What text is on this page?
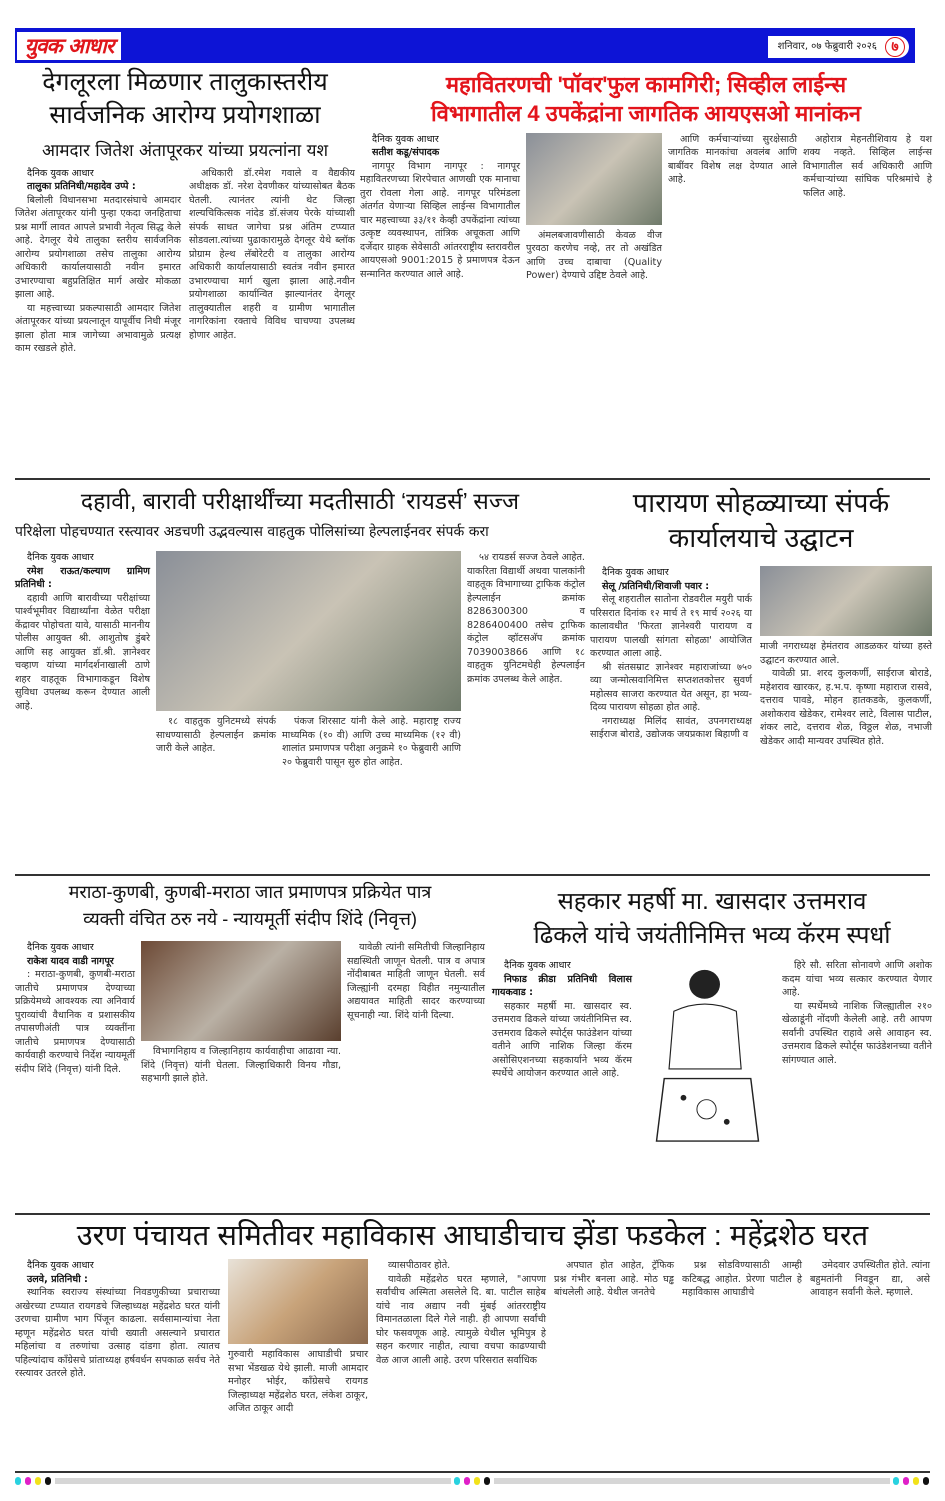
युवक आधार	शनिवार, ०७ फेब्रुवारी २०२६	७
देगलूरला मिळणार तालुकास्तरीय
सार्वजनिक आरोग्य प्रयोगशाळा
आमदार जितेश अंतापूरकर यांच्या प्रयत्नांना यश

दैनिक युवक आधार

तालुका प्रतिनिधी/महादेव उप्पे :

बिलोली विधानसभा मतदारसंघाचे आमदार जितेश अंतापूरकर यांनी पुन्हा एकदा जनहिताचा प्रश्न मार्गी लावत आपले प्रभावी नेतृत्व सिद्ध केले आहे. देगलूर येथे तालुका स्तरीय सार्वजनिक आरोग्य प्रयोगशाळा तसेच तालुका आरोग्य अधिकारी कार्यालयासाठी नवीन इमारत उभारण्याचा बहुप्रतिक्षित मार्ग अखेर मोकळा झाला आहे.

या महत्त्वाच्या प्रकल्पासाठी आमदार जितेश अंतापूरकर यांच्या प्रयत्नातून यापूर्वीच निधी मंजूर झाला होता मात्र जागेच्या अभावामुळे प्रत्यक्ष काम रखडले होते.

अधिकारी डॉ.रमेश गवाले व वैद्यकीय अधीक्षक डॉ. नरेश देवणीकर यांच्यासोबत बैठक घेतली. त्यानंतर त्यांनी थेट जिल्हा शल्यचिकित्सक नांदेड डॉ.संजय पेरके यांच्याशी संपर्क साधत जागेचा प्रश्न अंतिम टप्प्यात सोडवला.त्यांच्या पुढाकारामुळे देगलूर येथे ब्लॉक प्रोग्राम हेल्थ लॅबोरेटरी व तालुका आरोग्य अधिकारी कार्यालयासाठी स्वतंत्र नवीन इमारत उभारण्याचा मार्ग खुला झाला आहे.नवीन प्रयोगशाळा कार्यान्वित झाल्यानंतर देगलूर तालुक्यातील शहरी व ग्रामीण भागातील नागरिकांना रक्ताचे विविध चाचण्या उपलब्ध होणार आहेत.

महावितरणची 'पॉवर'फुल कामगिरी; सिव्हील लाईन्स
विभागातील 4 उपकेंद्रांना जागतिक आयएसओ मानांकन

दैनिक युवक आधार

सतीश कडू/संपादक

नागपूर विभाग नागपूर : नागपूर महावितरणच्या शिरपेचात आणखी एक मानाचा तुरा रोवला गेला आहे. नागपूर परिमंडला अंतर्गत येणाऱ्या सिव्हिल लाईन्स विभागातील चार महत्त्वाच्या ३३/११ केव्ही उपकेंद्रांना त्यांच्या उत्कृष्ट व्यवस्थापन, तांत्रिक अचूकता आणि दर्जेदार ग्राहक सेवेसाठी आंतरराष्ट्रीय स्तरावरील आयएसओ 9001:2015 हे प्रमाणपत्र देऊन सन्मानित करण्यात आले आहे.

अंमलबजावणीसाठी केवळ वीज पुरवठा करणेच नव्हे, तर तो अखंडित आणि उच्च दाबाचा (Quality Power) देण्याचे उद्दिष्ट ठेवले आहे.

आणि कर्मचाऱ्यांच्या सुरक्षेसाठी जागतिक मानकांचा अवलंब आणि बाबींवर विशेष लक्ष देण्यात आले आहे.

अहोरात्र मेहनतीशिवाय हे यश शक्य नव्हते. सिव्हिल लाईन्स विभागातील सर्व अधिकारी आणि कर्मचाऱ्यांच्या सांघिक परिश्रमांचे हे फलित आहे.

दहावी, बारावी परीक्षार्थींच्या मदतीसाठी ‘रायडर्स’ सज्ज
परिक्षेला पोहचण्यात रस्त्यावर अडचणी उद्भवल्यास वाहतुक पोलिसांच्या हेल्पलाईनवर संपर्क करा

दैनिक युवक आधार

रमेश राऊत/कल्याण ग्रामिण प्रतिनिधी :

दहावी आणि बारावीच्या परीक्षांच्या पार्श्वभूमीवर विद्यार्थ्यांना वेळेत परीक्षा केंद्रावर पोहोचता यावे, यासाठी माननीय पोलीस आयुक्त श्री. आशुतोष डुंबरे आणि सह आयुक्त डॉ.श्री. ज्ञानेश्वर चव्हाण यांच्या मार्गदर्शनाखाली ठाणे शहर वाहतूक विभागाकडून विशेष सुविधा उपलब्ध करून देण्यात आली आहे.

१८ वाहतुक युनिटमध्ये संपर्क साधण्यासाठी हेल्पलाईन क्रमांक जारी केले आहेत.

पंकज शिरसाट यांनी केले आहे. महाराष्ट्र राज्य माध्यमिक (१० वी) आणि उच्च माध्यमिक (१२ वी) शालांत प्रमाणपत्र परीक्षा अनुक्रमे १० फेब्रुवारी आणि २० फेब्रुवारी पासून सुरु होत आहेत.

५४ रायडर्स सज्ज ठेवले आहेत. याकरिता विद्यार्थी अथवा पालकांनी वाहतूक विभागाच्या ट्राफिक कंट्रोल हेल्पलाईन क्रमांक 8286300300 व 8286400400 तसेच ट्राफिक कंट्रोल व्हॉटसअ‍ॅप क्रमांक 7039003866 आणि १८ वाहतुक युनिटमधेही हेल्पलाईन क्रमांक उपलब्ध केले आहेत.

पारायण सोहळ्याच्या संपर्क
कार्यालयाचे उद्घाटन

दैनिक युवक आधार

सेलू /प्रतिनिधी/शिवाजी पवार :

सेलू शहरातील सातोना रोडवरील मयुरी पार्क परिसरात दिनांक १२ मार्च ते १९ मार्च २०२६ या कालावधीत 'फिरता ज्ञानेश्वरी पारायण व पारायण पालखी सांगता सोहळा' आयोजित करण्यात आला आहे.

श्री संतसम्राट ज्ञानेश्वर महाराजांच्या ७५० व्या जन्मोत्सवानिमित्त सप्तशतकोत्तर सुवर्ण महोत्सव साजरा करण्यात येत असून, हा भव्य-दिव्य पारायण सोहळा होत आहे.

नगराध्यक्ष मिलिंद सावंत, उपनगराध्यक्ष साईराज बोराडे, उद्योजक जयप्रकाश बिहाणी व

माजी नगराध्यक्ष हेमंतराव आडळकर यांच्या हस्ते उद्घाटन करण्यात आले.

यावेळी प्रा. शरद कुलकर्णी, साईराज बोराडे, महेशराव खारकर, ह.भ.प. कृष्णा महाराज रासवे, दत्तराव पावडे, मोहन हातकडके, कुलकर्णी, अशोकराव खेडेकर, रामेश्वर लाटे, विलास पाटील, शंकर लाटे, दत्तराव शेळ, विठ्ठल शेळ, नभाजी खेडेकर आदी मान्यवर उपस्थित होते.

मराठा-कुणबी, कुणबी-मराठा जात प्रमाणपत्र प्रक्रियेत पात्र
व्यक्ती वंचित ठरु नये - न्यायमूर्ती संदीप शिंदे (निवृत्त)

दैनिक युवक आधार

राकेश यादव वाडी नागपूर

: मराठा-कुणबी, कुणबी-मराठा जातीचे प्रमाणपत्र देण्याच्या प्रक्रियेमध्ये आवश्यक त्या अनिवार्य पुराव्यांची वैधानिक व प्रशासकीय तपासणीअंती पात्र व्यक्तींना जातीचे प्रमाणपत्र देण्यासाठी कार्यवाही करण्याचे निर्देश न्यायमूर्ती संदीप शिंदे (निवृत्त) यांनी दिले.

विभागनिहाय व जिल्हानिहाय कार्यवाहीचा आढावा न्या. शिंदे (निवृत्त) यांनी घेतला. जिल्हाधिकारी विनय गौडा, सहभागी झाले होते.

यावेळी त्यांनी समितीची जिल्हानिहाय सद्यस्थिती जाणून घेतली. पात्र व अपात्र नोंदीबाबत माहिती जाणून घेतली. सर्व जिल्ह्यांनी दरमहा विहीत नमुन्यातील अद्ययावत माहिती सादर करण्याच्या सूचनाही न्या. शिंदे यांनी दिल्या.

सहकार महर्षी मा. खासदार उत्तमराव
ढिकले यांचे जयंतीनिमित्त भव्य कॅरम स्पर्धा

दैनिक युवक आधार

निफाड क्रीडा प्रतिनिधी विलास गायकवाड :

सहकार महर्षी मा. खासदार स्व. उत्तमराव ढिकले यांच्या जयंतीनिमित्त स्व. उत्तमराव ढिकले स्पोर्ट्स फाउंडेशन यांच्या वतीने आणि नाशिक जिल्हा कॅरम असोसिएशनच्या सहकार्याने भव्य कॅरम स्पर्धेचे आयोजन करण्यात आले आहे.

हिरे सौ. सरिता सोनावणे आणि अशोक कदम यांचा भव्य सत्कार करण्यात येणार आहे.

या स्पर्धेमध्ये नाशिक जिल्ह्यातील २१० खेळाडूंनी नोंदणी केलेली आहे. तरी आपण सर्वांनी उपस्थित राहावे असे आवाहन स्व. उत्तमराव ढिकले स्पोर्ट्स फाउंडेशनच्या वतीने सांगण्यात आले.

उरण पंचायत समितीवर महाविकास आघाडीचाच झेंडा फडकेल : महेंद्रशेठ घरत

दैनिक युवक आधार

उलवे, प्रतिनिधी :

स्थानिक स्वराज्य संस्थांच्या निवडणुकीच्या प्रचाराच्या अखेरच्या टप्प्यात रायगडचे जिल्हाध्यक्ष महेंद्रशेठ घरत यांनी उरणचा ग्रामीण भाग पिंजून काढला. सर्वसामान्यांचा नेता म्हणून महेंद्रशेठ घरत यांची ख्याती असल्याने प्रचारात महिलांचा व तरुणांचा उत्साह दांडगा होता. त्यातच पहिल्यांदाच काँग्रेसचे प्रांताध्यक्ष हर्षवर्धन सपकाळ सर्वच नेते रस्त्यावर उतरले होते.

गुरुवारी महाविकास आघाडीची प्रचार सभा भेंडखळ येथे झाली. माजी आमदार मनोहर भोईर, काँग्रेसचे रायगड जिल्हाध्यक्ष महेंद्रशेठ घरत, लंकेश ठाकूर, अजित ठाकूर आदी

व्यासपीठावर होते.

यावेळी महेंद्रशेठ घरत म्हणाले, "आपणा सर्वांचीच अस्मिता असलेले दि. बा. पाटील साहेब यांचे नाव अद्याप नवी मुंबई आंतरराष्ट्रीय विमानतळाला दिले गेले नाही. ही आपणा सर्वांची घोर फसवणूक आहे. त्यामुळे येथील भूमिपुत्र हे सहन करणार नाहीत, त्याचा वचपा काढण्याची वेळ आज आली आहे. उरण परिसरात सर्वाधिक

अपघात होत आहेत, ट्रॅफिक प्रश्न गंभीर बनला आहे. मोठ घड्ढ बांधलेली आहे. येथील जनतेचे

प्रश्न सोडविण्यासाठी आम्ही कटिबद्ध आहोत. प्रेरणा पाटील हे महाविकास आघाडीचे

उमेदवार उपस्थितीत होते. त्यांना बहुमतांनी निवडून द्या, असे आवाहन सर्वांनी केले. म्हणाले.
